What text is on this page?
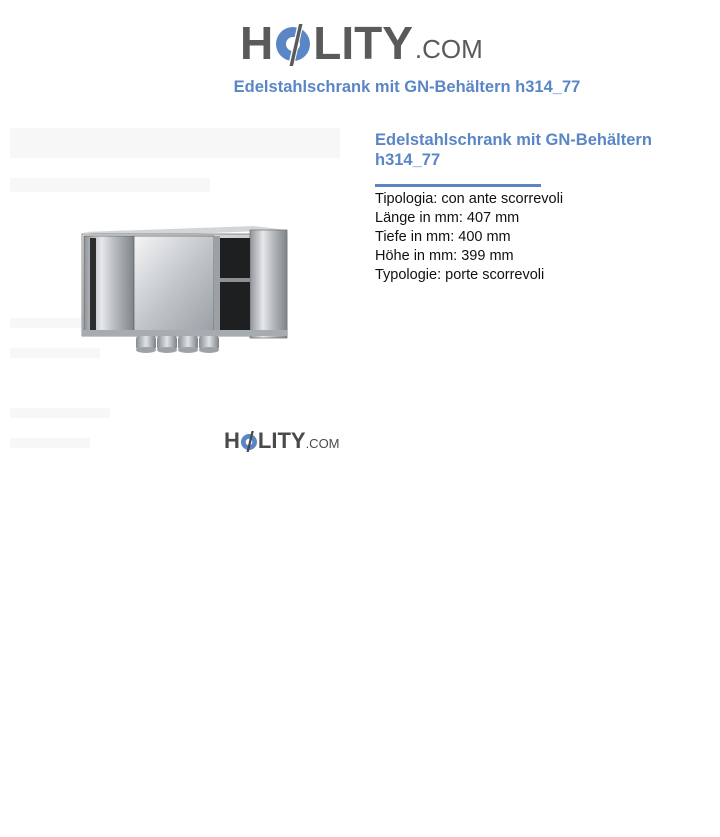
H LITY .COM
Edelstahlschrank mit GN-Behältern h314_77
H LITY .COM
Edelstahlschrank mit GN-Behältern h314_77
Tipologia: con ante scorrevoli
Länge in mm: 407 mm
Tiefe in mm: 400 mm
Höhe in mm: 399 mm
Typologie: porte scorrevoli
